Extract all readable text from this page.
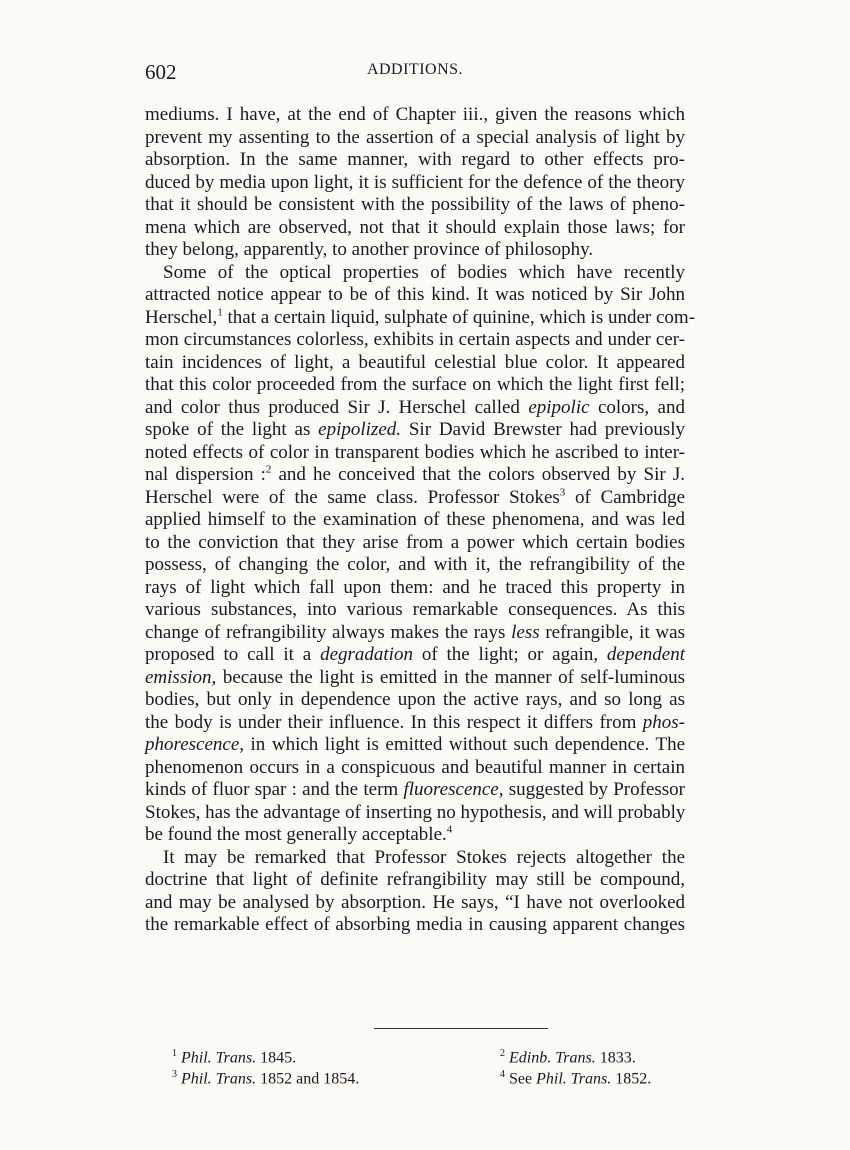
602	ADDITIONS.
mediums. I have, at the end of Chapter iii., given the reasons which
prevent my assenting to the assertion of a special analysis of light by
absorption. In the same manner, with regard to other effects pro-
duced by media upon light, it is sufficient for the defence of the theory
that it should be consistent with the possibility of the laws of pheno-
mena which are observed, not that it should explain those laws; for
they belong, apparently, to another province of philosophy.
Some of the optical properties of bodies which have recently
attracted notice appear to be of this kind. It was noticed by Sir John
Herschel,$^1$ that a certain liquid, sulphate of quinine, which is under com-
mon circumstances colorless, exhibits in certain aspects and under cer-
tain incidences of light, a beautiful celestial blue color. It appeared
that this color proceeded from the surface on which the light first fell;
and color thus produced Sir J. Herschel called epipolic colors, and
spoke of the light as epipolized. Sir David Brewster had previously
noted effects of color in transparent bodies which he ascribed to inter-
nal dispersion :$^2$ and he conceived that the colors observed by Sir J.
Herschel were of the same class. Professor Stokes$^3$ of Cambridge
applied himself to the examination of these phenomena, and was led
to the conviction that they arise from a power which certain bodies
possess, of changing the color, and with it, the refrangibility of the
rays of light which fall upon them: and he traced this property in
various substances, into various remarkable consequences. As this
change of refrangibility always makes the rays less refrangible, it was
proposed to call it a degradation of the light; or again, dependent
emission, because the light is emitted in the manner of self-luminous
bodies, but only in dependence upon the active rays, and so long as
the body is under their influence. In this respect it differs from phos-
phorescence, in which light is emitted without such dependence. The
phenomenon occurs in a conspicuous and beautiful manner in certain
kinds of fluor spar : and the term fluorescence, suggested by Professor
Stokes, has the advantage of inserting no hypothesis, and will probably
be found the most generally acceptable.$^4$
It may be remarked that Professor Stokes rejects altogether the
doctrine that light of definite refrangibility may still be compound,
and may be analysed by absorption. He says, “I have not overlooked
the remarkable effect of absorbing media in causing apparent changes
$^1$ Phil. Trans. 1845.	$^2$ Edinb. Trans. 1833.
$^3$ Phil. Trans. 1852 and 1854.	$^4$ See Phil. Trans. 1852.
